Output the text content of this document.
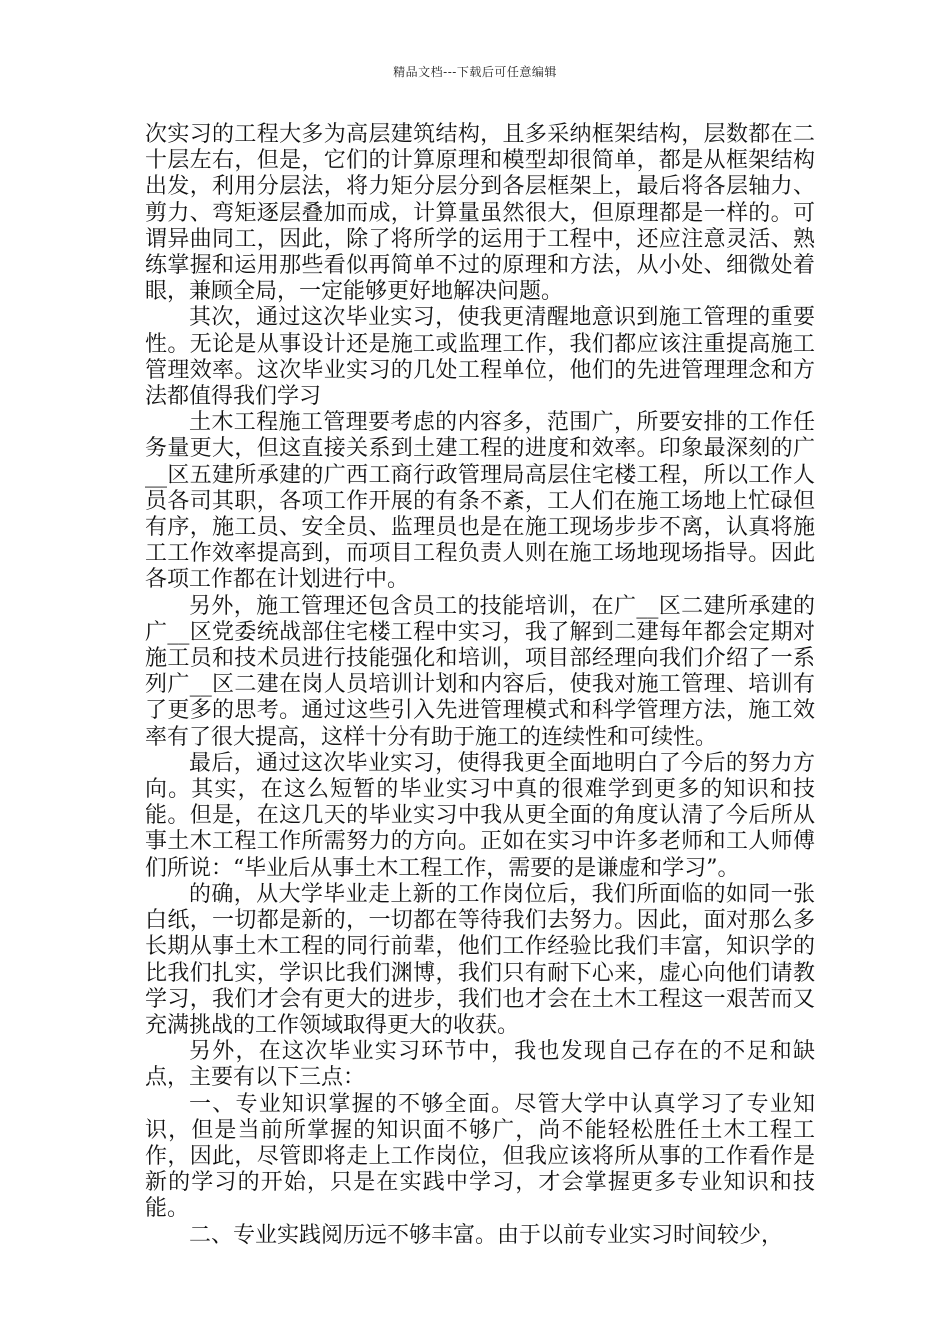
精品文档---下载后可任意编辑

次实习的工程大多为高层建筑结构，且多采纳框架结构，层数都在二十层左右，但是，它们的计算原理和模型却很简单，都是从框架结构出发，利用分层法，将力矩分层分到各层框架上，最后将各层轴力、剪力、弯矩逐层叠加而成，计算量虽然很大，但原理都是一样的。可谓异曲同工，因此，除了将所学的运用于工程中，还应注意灵活、熟练掌握和运用那些看似再简单不过的原理和方法，从小处、细微处着眼，兼顾全局，一定能够更好地解决问题。

其次，通过这次毕业实习，使我更清醒地意识到施工管理的重要性。无论是从事设计还是施工或监理工作，我们都应该注重提高施工管理效率。这次毕业实习的几处工程单位，他们的先进管理理念和方法都值得我们学习

土木工程施工管理要考虑的内容多，范围广，所要安排的工作任务量更大，但这直接关系到土建工程的进度和效率。印象最深刻的广__区五建所承建的广西工商行政管理局高层住宅楼工程，所以工作人员各司其职，各项工作开展的有条不紊，工人们在施工场地上忙碌但有序，施工员、安全员、监理员也是在施工现场步步不离，认真将施工工作效率提高到，而项目工程负责人则在施工场地现场指导。因此各项工作都在计划进行中。

另外，施工管理还包含员工的技能培训，在广__区二建所承建的广__区党委统战部住宅楼工程中实习，我了解到二建每年都会定期对施工员和技术员进行技能强化和培训，项目部经理向我们介绍了一系列广__区二建在岗人员培训计划和内容后，使我对施工管理、培训有了更多的思考。通过这些引入先进管理模式和科学管理方法，施工效率有了很大提高，这样十分有助于施工的连续性和可续性。

最后，通过这次毕业实习，使得我更全面地明白了今后的努力方向。其实，在这么短暂的毕业实习中真的很难学到更多的知识和技能。但是，在这几天的毕业实习中我从更全面的角度认清了今后所从事土木工程工作所需努力的方向。正如在实习中许多老师和工人师傅们所说：“毕业后从事土木工程工作，需要的是谦虚和学习”。

的确，从大学毕业走上新的工作岗位后，我们所面临的如同一张白纸，一切都是新的，一切都在等待我们去努力。因此，面对那么多长期从事土木工程的同行前辈，他们工作经验比我们丰富，知识学的比我们扎实，学识比我们渊博，我们只有耐下心来，虚心向他们请教学习，我们才会有更大的进步，我们也才会在土木工程这一艰苦而又充满挑战的工作领域取得更大的收获。

另外，在这次毕业实习环节中，我也发现自己存在的不足和缺点，主要有以下三点：

一、专业知识掌握的不够全面。尽管大学中认真学习了专业知识，但是当前所掌握的知识面不够广，尚不能轻松胜任土木工程工作，因此，尽管即将走上工作岗位，但我应该将所从事的工作看作是新的学习的开始，只是在实践中学习，才会掌握更多专业知识和技能。

二、专业实践阅历远不够丰富。由于以前专业实习时间较少，
